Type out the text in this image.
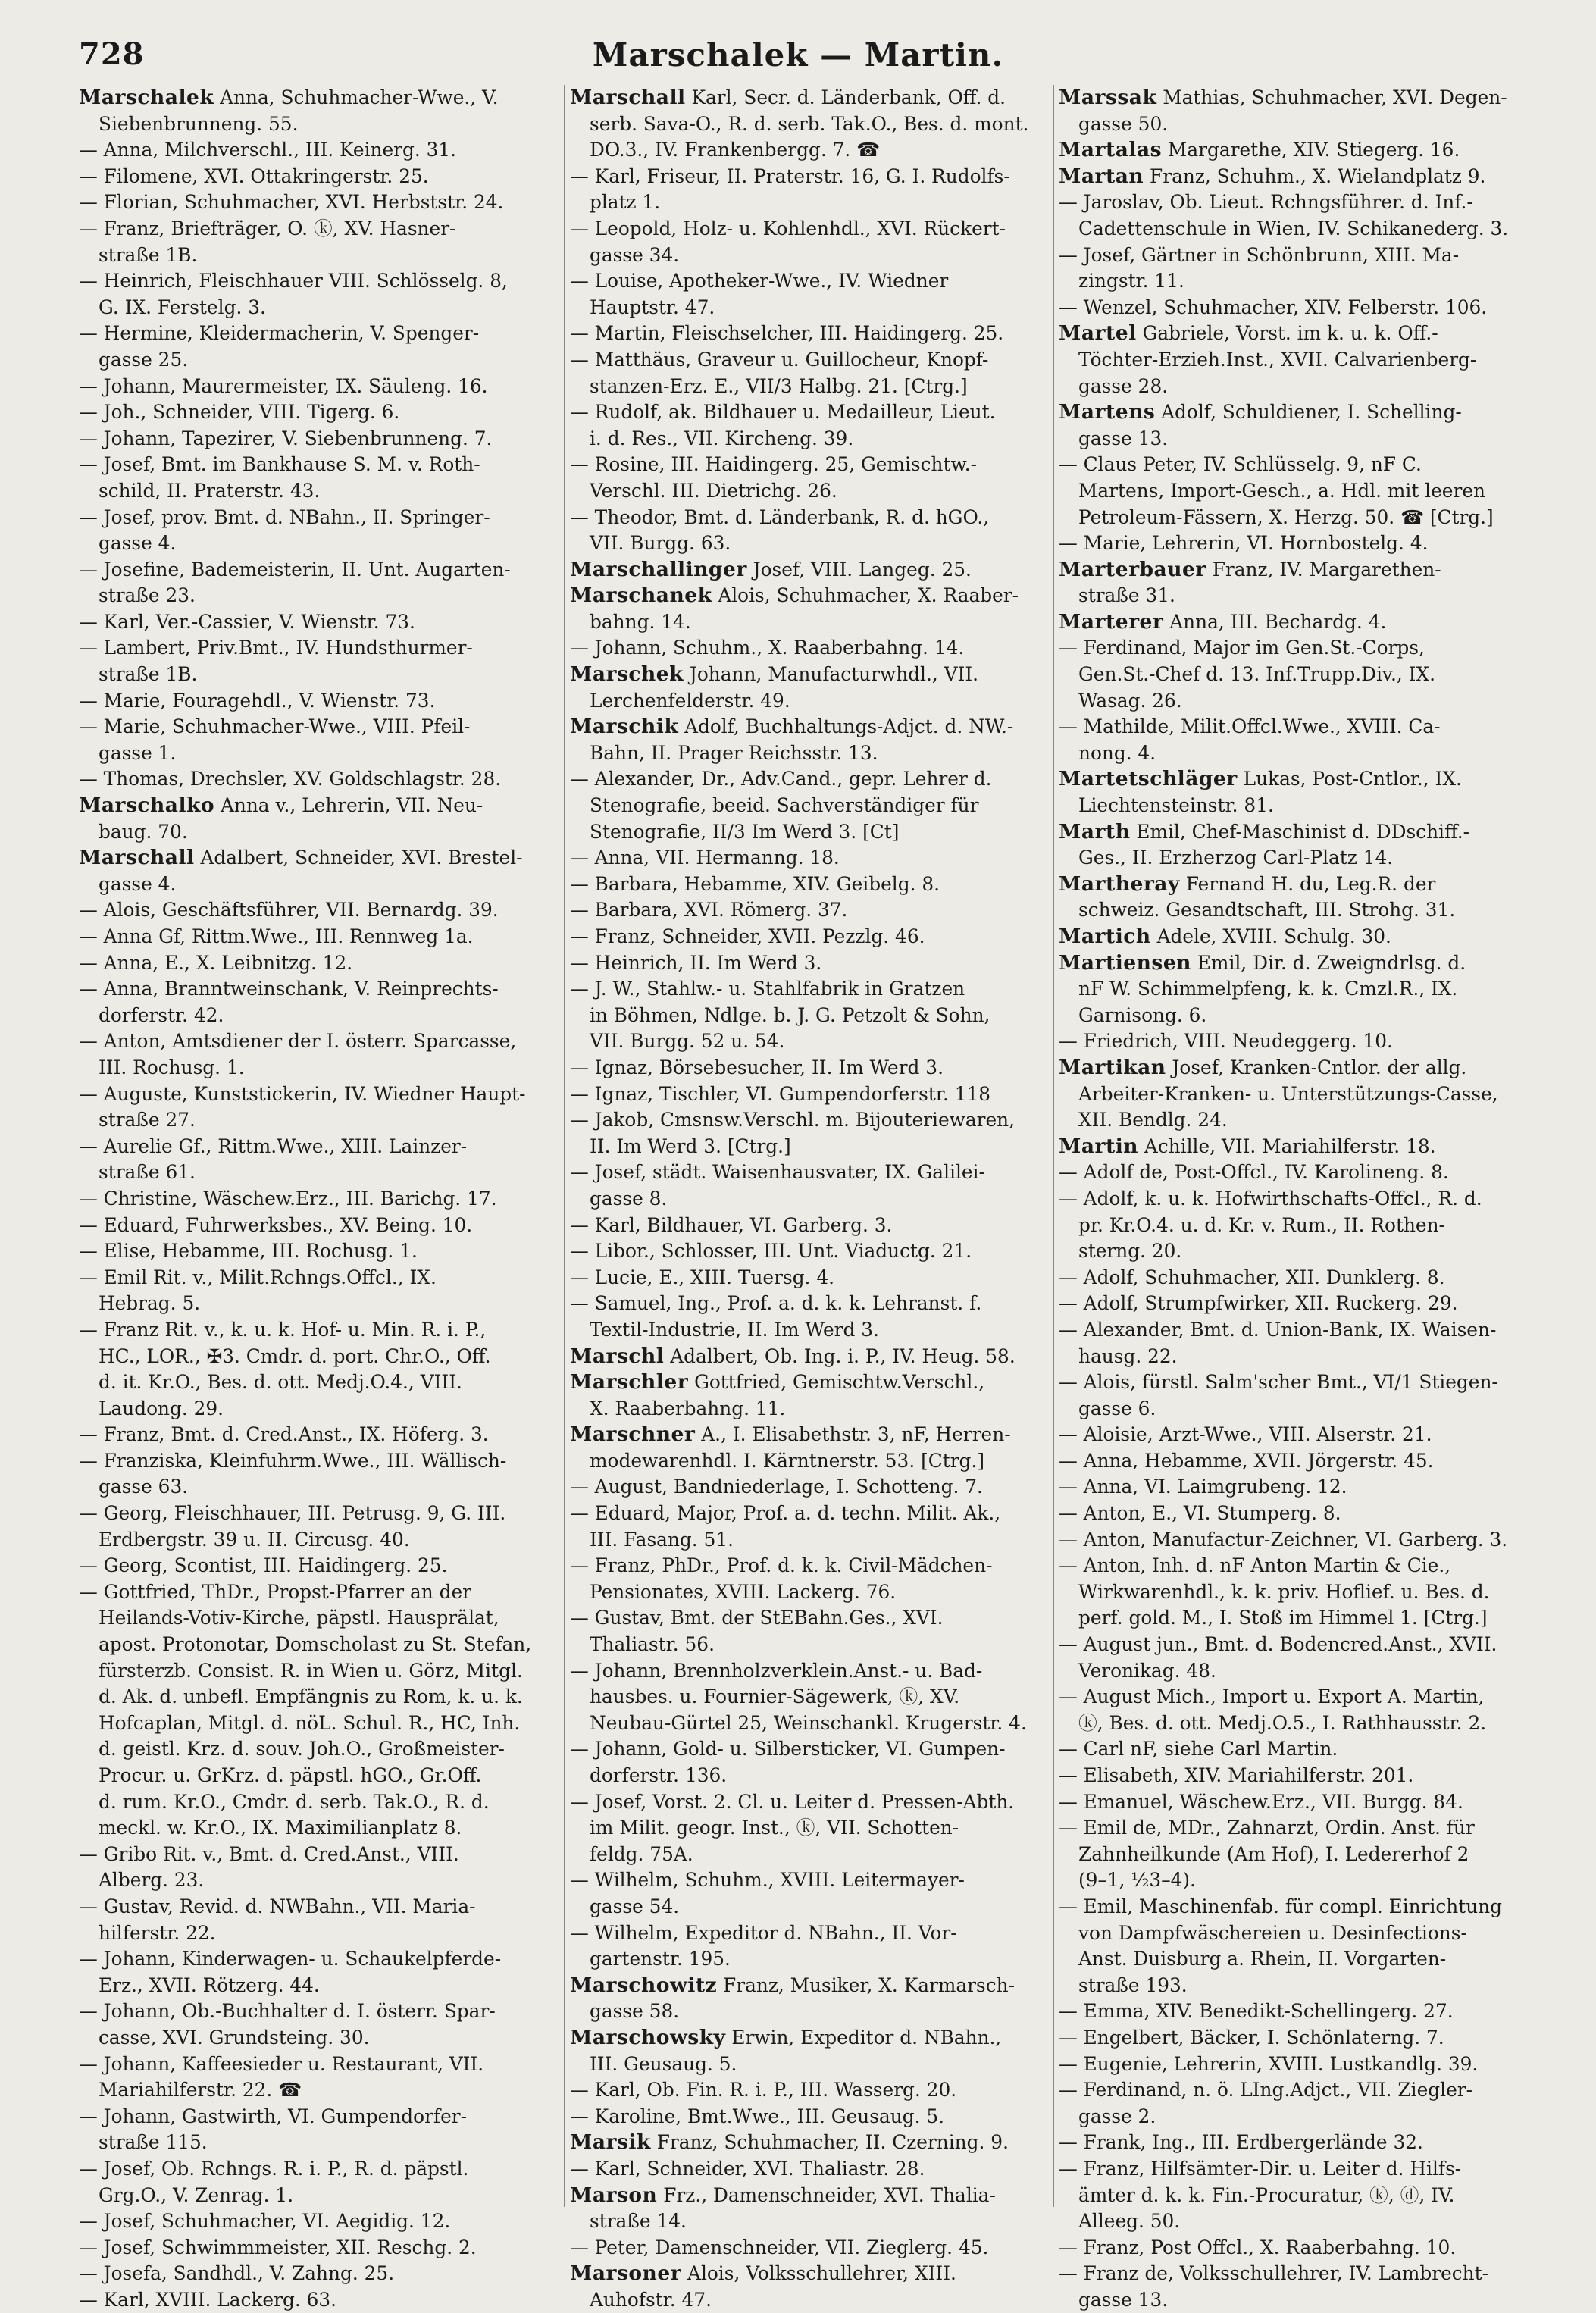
728	Marschalek — Martin.

Marschalek Anna, Schuhmacher-Wwe., V.
Siebenbrunneng. 55.

— Anna, Milchverschl., III. Keinerg. 31.

— Filomene, XVI. Ottakringerstr. 25.

— Florian, Schuhmacher, XVI. Herbststr. 24.

— Franz, Briefträger, O. ⓚ, XV. Hasner-
straße 1B.

— Heinrich, Fleischhauer VIII. Schlösselg. 8,
G. IX. Ferstelg. 3.

— Hermine, Kleidermacherin, V. Spenger-
gasse 25.

— Johann, Maurermeister, IX. Säuleng. 16.

— Joh., Schneider, VIII. Tigerg. 6.

— Johann, Tapezirer, V. Siebenbrunneng. 7.

— Josef, Bmt. im Bankhause S. M. v. Roth-
schild, II. Praterstr. 43.

— Josef, prov. Bmt. d. NBahn., II. Springer-
gasse 4.

— Josefine, Bademeisterin, II. Unt. Augarten-
straße 23.

— Karl, Ver.-Cassier, V. Wienstr. 73.

— Lambert, Priv.Bmt., IV. Hundsthurmer-
straße 1B.

— Marie, Fouragehdl., V. Wienstr. 73.

— Marie, Schuhmacher-Wwe., VIII. Pfeil-
gasse 1.

— Thomas, Drechsler, XV. Goldschlagstr. 28.

Marschalko Anna v., Lehrerin, VII. Neu-
baug. 70.

Marschall Adalbert, Schneider, XVI. Brestel-
gasse 4.

— Alois, Geschäftsführer, VII. Bernardg. 39.

— Anna Gf, Rittm.Wwe., III. Rennweg 1a.

— Anna, E., X. Leibnitzg. 12.

— Anna, Branntweinschank, V. Reinprechts-
dorferstr. 42.

— Anton, Amtsdiener der I. österr. Sparcasse,
III. Rochusg. 1.

— Auguste, Kunststickerin, IV. Wiedner Haupt-
straße 27.

— Aurelie Gf., Rittm.Wwe., XIII. Lainzer-
straße 61.

— Christine, Wäschew.Erz., III. Barichg. 17.

— Eduard, Fuhrwerksbes., XV. Being. 10.

— Elise, Hebamme, III. Rochusg. 1.

— Emil Rit. v., Milit.Rchngs.Offcl., IX.
Hebrag. 5.

— Franz Rit. v., k. u. k. Hof- u. Min. R. i. P.,
HC., LOR., ✠3. Cmdr. d. port. Chr.O., Off.
d. it. Kr.O., Bes. d. ott. Medj.O.4., VIII.
Laudong. 29.

— Franz, Bmt. d. Cred.Anst., IX. Höferg. 3.

— Franziska, Kleinfuhrm.Wwe., III. Wällisch-
gasse 63.

— Georg, Fleischhauer, III. Petrusg. 9, G. III.
Erdbergstr. 39 u. II. Circusg. 40.

— Georg, Scontist, III. Haidingerg. 25.

— Gottfried, ThDr., Propst-Pfarrer an der
Heilands-Votiv-Kirche, päpstl. Hausprälat,
apost. Protonotar, Domscholast zu St. Stefan,
fürsterzb. Consist. R. in Wien u. Görz, Mitgl.
d. Ak. d. unbefl. Empfängnis zu Rom, k. u. k.
Hofcaplan, Mitgl. d. nöL. Schul. R., HC, Inh.
d. geistl. Krz. d. souv. Joh.O., Großmeister-
Procur. u. GrKrz. d. päpstl. hGO., Gr.Off.
d. rum. Kr.O., Cmdr. d. serb. Tak.O., R. d.
meckl. w. Kr.O., IX. Maximilianplatz 8.

— Gribo Rit. v., Bmt. d. Cred.Anst., VIII.
Alberg. 23.

— Gustav, Revid. d. NWBahn., VII. Maria-
hilferstr. 22.

— Johann, Kinderwagen- u. Schaukelpferde-
Erz., XVII. Rötzerg. 44.

— Johann, Ob.-Buchhalter d. I. österr. Spar-
casse, XVI. Grundsteing. 30.

— Johann, Kaffeesieder u. Restaurant, VII.
Mariahilferstr. 22. ☎

— Johann, Gastwirth, VI. Gumpendorfer-
straße 115.

— Josef, Ob. Rchngs. R. i. P., R. d. päpstl.
Grg.O., V. Zenrag. 1.

— Josef, Schuhmacher, VI. Aegidig. 12.

— Josef, Schwimmmeister, XII. Reschg. 2.

— Josefa, Sandhdl., V. Zahng. 25.

— Karl, XVIII. Lackerg. 63.

Marschall Karl, Secr. d. Länderbank, Off. d.
serb. Sava-O., R. d. serb. Tak.O., Bes. d. mont.
DO.3., IV. Frankenbergg. 7. ☎

— Karl, Friseur, II. Praterstr. 16, G. I. Rudolfs-
platz 1.

— Leopold, Holz- u. Kohlenhdl., XVI. Rückert-
gasse 34.

— Louise, Apotheker-Wwe., IV. Wiedner
Hauptstr. 47.

— Martin, Fleischselcher, III. Haidingerg. 25.

— Matthäus, Graveur u. Guillocheur, Knopf-
stanzen-Erz. E., VII/3 Halbg. 21. [Ctrg.]

— Rudolf, ak. Bildhauer u. Medailleur, Lieut.
i. d. Res., VII. Kircheng. 39.

— Rosine, III. Haidingerg. 25, Gemischtw.-
Verschl. III. Dietrichg. 26.

— Theodor, Bmt. d. Länderbank, R. d. hGO.,
VII. Burgg. 63.

Marschallinger Josef, VIII. Langeg. 25.

Marschanek Alois, Schuhmacher, X. Raaber-
bahng. 14.

— Johann, Schuhm., X. Raaberbahng. 14.

Marschek Johann, Manufacturwhdl., VII.
Lerchenfelderstr. 49.

Marschik Adolf, Buchhaltungs-Adjct. d. NW.-
Bahn, II. Prager Reichsstr. 13.

— Alexander, Dr., Adv.Cand., gepr. Lehrer d.
Stenografie, beeid. Sachverständiger für
Stenografie, II/3 Im Werd 3. [Ct]

— Anna, VII. Hermanng. 18.

— Barbara, Hebamme, XIV. Geibelg. 8.

— Barbara, XVI. Römerg. 37.

— Franz, Schneider, XVII. Pezzlg. 46.

— Heinrich, II. Im Werd 3.

— J. W., Stahlw.- u. Stahlfabrik in Gratzen
in Böhmen, Ndlge. b. J. G. Petzolt & Sohn,
VII. Burgg. 52 u. 54.

— Ignaz, Börsebesucher, II. Im Werd 3.

— Ignaz, Tischler, VI. Gumpendorferstr. 118

— Jakob, Cmsnsw.Verschl. m. Bijouteriewaren,
II. Im Werd 3. [Ctrg.]

— Josef, städt. Waisenhausvater, IX. Galilei-
gasse 8.

— Karl, Bildhauer, VI. Garberg. 3.

— Libor., Schlosser, III. Unt. Viaductg. 21.

— Lucie, E., XIII. Tuersg. 4.

— Samuel, Ing., Prof. a. d. k. k. Lehranst. f.
Textil-Industrie, II. Im Werd 3.

Marschl Adalbert, Ob. Ing. i. P., IV. Heug. 58.

Marschler Gottfried, Gemischtw.Verschl.,
X. Raaberbahng. 11.

Marschner A., I. Elisabethstr. 3, nF, Herren-
modewarenhdl. I. Kärntnerstr. 53. [Ctrg.]

— August, Bandniederlage, I. Schotteng. 7.

— Eduard, Major, Prof. a. d. techn. Milit. Ak.,
III. Fasang. 51.

— Franz, PhDr., Prof. d. k. k. Civil-Mädchen-
Pensionates, XVIII. Lackerg. 76.

— Gustav, Bmt. der StEBahn.Ges., XVI.
Thaliastr. 56.

— Johann, Brennholzverklein.Anst.- u. Bad-
hausbes. u. Fournier-Sägewerk, ⓚ, XV.
Neubau-Gürtel 25, Weinschankl. Krugerstr. 4.

— Johann, Gold- u. Silbersticker, VI. Gumpen-
dorferstr. 136.

— Josef, Vorst. 2. Cl. u. Leiter d. Pressen-Abth.
im Milit. geogr. Inst., ⓚ, VII. Schotten-
feldg. 75A.

— Wilhelm, Schuhm., XVIII. Leitermayer-
gasse 54.

— Wilhelm, Expeditor d. NBahn., II. Vor-
gartenstr. 195.

Marschowitz Franz, Musiker, X. Karmarsch-
gasse 58.

Marschowsky Erwin, Expeditor d. NBahn.,
III. Geusaug. 5.

— Karl, Ob. Fin. R. i. P., III. Wasserg. 20.

— Karoline, Bmt.Wwe., III. Geusaug. 5.

Marsik Franz, Schuhmacher, II. Czerning. 9.

— Karl, Schneider, XVI. Thaliastr. 28.

Marson Frz., Damenschneider, XVI. Thalia-
straße 14.

— Peter, Damenschneider, VII. Zieglerg. 45.

Marsoner Alois, Volksschullehrer, XIII.
Auhofstr. 47.

Marssak Mathias, Schuhmacher, XVI. Degen-
gasse 50.

Martalas Margarethe, XIV. Stiegerg. 16.

Martan Franz, Schuhm., X. Wielandplatz 9.

— Jaroslav, Ob. Lieut. Rchngsführer. d. Inf.-
Cadettenschule in Wien, IV. Schikanederg. 3.

— Josef, Gärtner in Schönbrunn, XIII. Ma-
zingstr. 11.

— Wenzel, Schuhmacher, XIV. Felberstr. 106.

Martel Gabriele, Vorst. im k. u. k. Off.-
Töchter-Erzieh.Inst., XVII. Calvarienberg-
gasse 28.

Martens Adolf, Schuldiener, I. Schelling-
gasse 13.

— Claus Peter, IV. Schlüsselg. 9, nF C.
Martens, Import-Gesch., a. Hdl. mit leeren
Petroleum-Fässern, X. Herzg. 50. ☎ [Ctrg.]

— Marie, Lehrerin, VI. Hornbostelg. 4.

Marterbauer Franz, IV. Margarethen-
straße 31.

Marterer Anna, III. Bechardg. 4.

— Ferdinand, Major im Gen.St.-Corps,
Gen.St.-Chef d. 13. Inf.Trupp.Div., IX.
Wasag. 26.

— Mathilde, Milit.Offcl.Wwe., XVIII. Ca-
nong. 4.

Martetschläger Lukas, Post-Cntlor., IX.
Liechtensteinstr. 81.

Marth Emil, Chef-Maschinist d. DDschiff.-
Ges., II. Erzherzog Carl-Platz 14.

Martheray Fernand H. du, Leg.R. der
schweiz. Gesandtschaft, III. Strohg. 31.

Martich Adele, XVIII. Schulg. 30.

Martiensen Emil, Dir. d. Zweigndrlsg. d.
nF W. Schimmelpfeng, k. k. Cmzl.R., IX.
Garnisong. 6.

— Friedrich, VIII. Neudeggerg. 10.

Martikan Josef, Kranken-Cntlor. der allg.
Arbeiter-Kranken- u. Unterstützungs-Casse,
XII. Bendlg. 24.

Martin Achille, VII. Mariahilferstr. 18.

— Adolf de, Post-Offcl., IV. Karolineng. 8.

— Adolf, k. u. k. Hofwirthschafts-Offcl., R. d.
pr. Kr.O.4. u. d. Kr. v. Rum., II. Rothen-
sterng. 20.

— Adolf, Schuhmacher, XII. Dunklerg. 8.

— Adolf, Strumpfwirker, XII. Ruckerg. 29.

— Alexander, Bmt. d. Union-Bank, IX. Waisen-
hausg. 22.

— Alois, fürstl. Salm'scher Bmt., VI/1 Stiegen-
gasse 6.

— Aloisie, Arzt-Wwe., VIII. Alserstr. 21.

— Anna, Hebamme, XVII. Jörgerstr. 45.

— Anna, VI. Laimgrubeng. 12.

— Anton, E., VI. Stumperg. 8.

— Anton, Manufactur-Zeichner, VI. Garberg. 3.

— Anton, Inh. d. nF Anton Martin & Cie.,
Wirkwarenhdl., k. k. priv. Hoflief. u. Bes. d.
perf. gold. M., I. Stoß im Himmel 1. [Ctrg.]

— August jun., Bmt. d. Bodencred.Anst., XVII.
Veronikag. 48.

— August Mich., Import u. Export A. Martin,
ⓚ, Bes. d. ott. Medj.O.5., I. Rathhausstr. 2.

— Carl nF, siehe Carl Martin.

— Elisabeth, XIV. Mariahilferstr. 201.

— Emanuel, Wäschew.Erz., VII. Burgg. 84.

— Emil de, MDr., Zahnarzt, Ordin. Anst. für
Zahnheilkunde (Am Hof), I. Ledererhof 2
(9–1, ½3–4).

— Emil, Maschinenfab. für compl. Einrichtung
von Dampfwäschereien u. Desinfections-
Anst. Duisburg a. Rhein, II. Vorgarten-
straße 193.

— Emma, XIV. Benedikt-Schellingerg. 27.

— Engelbert, Bäcker, I. Schönlaterng. 7.

— Eugenie, Lehrerin, XVIII. Lustkandlg. 39.

— Ferdinand, n. ö. LIng.Adjct., VII. Ziegler-
gasse 2.

— Frank, Ing., III. Erdbergerlände 32.

— Franz, Hilfsämter-Dir. u. Leiter d. Hilfs-
ämter d. k. k. Fin.-Procuratur, ⓚ, ⓓ, IV.
Alleeg. 50.

— Franz, Post Offcl., X. Raaberbahng. 10.

— Franz de, Volksschullehrer, IV. Lambrecht-
gasse 13.
